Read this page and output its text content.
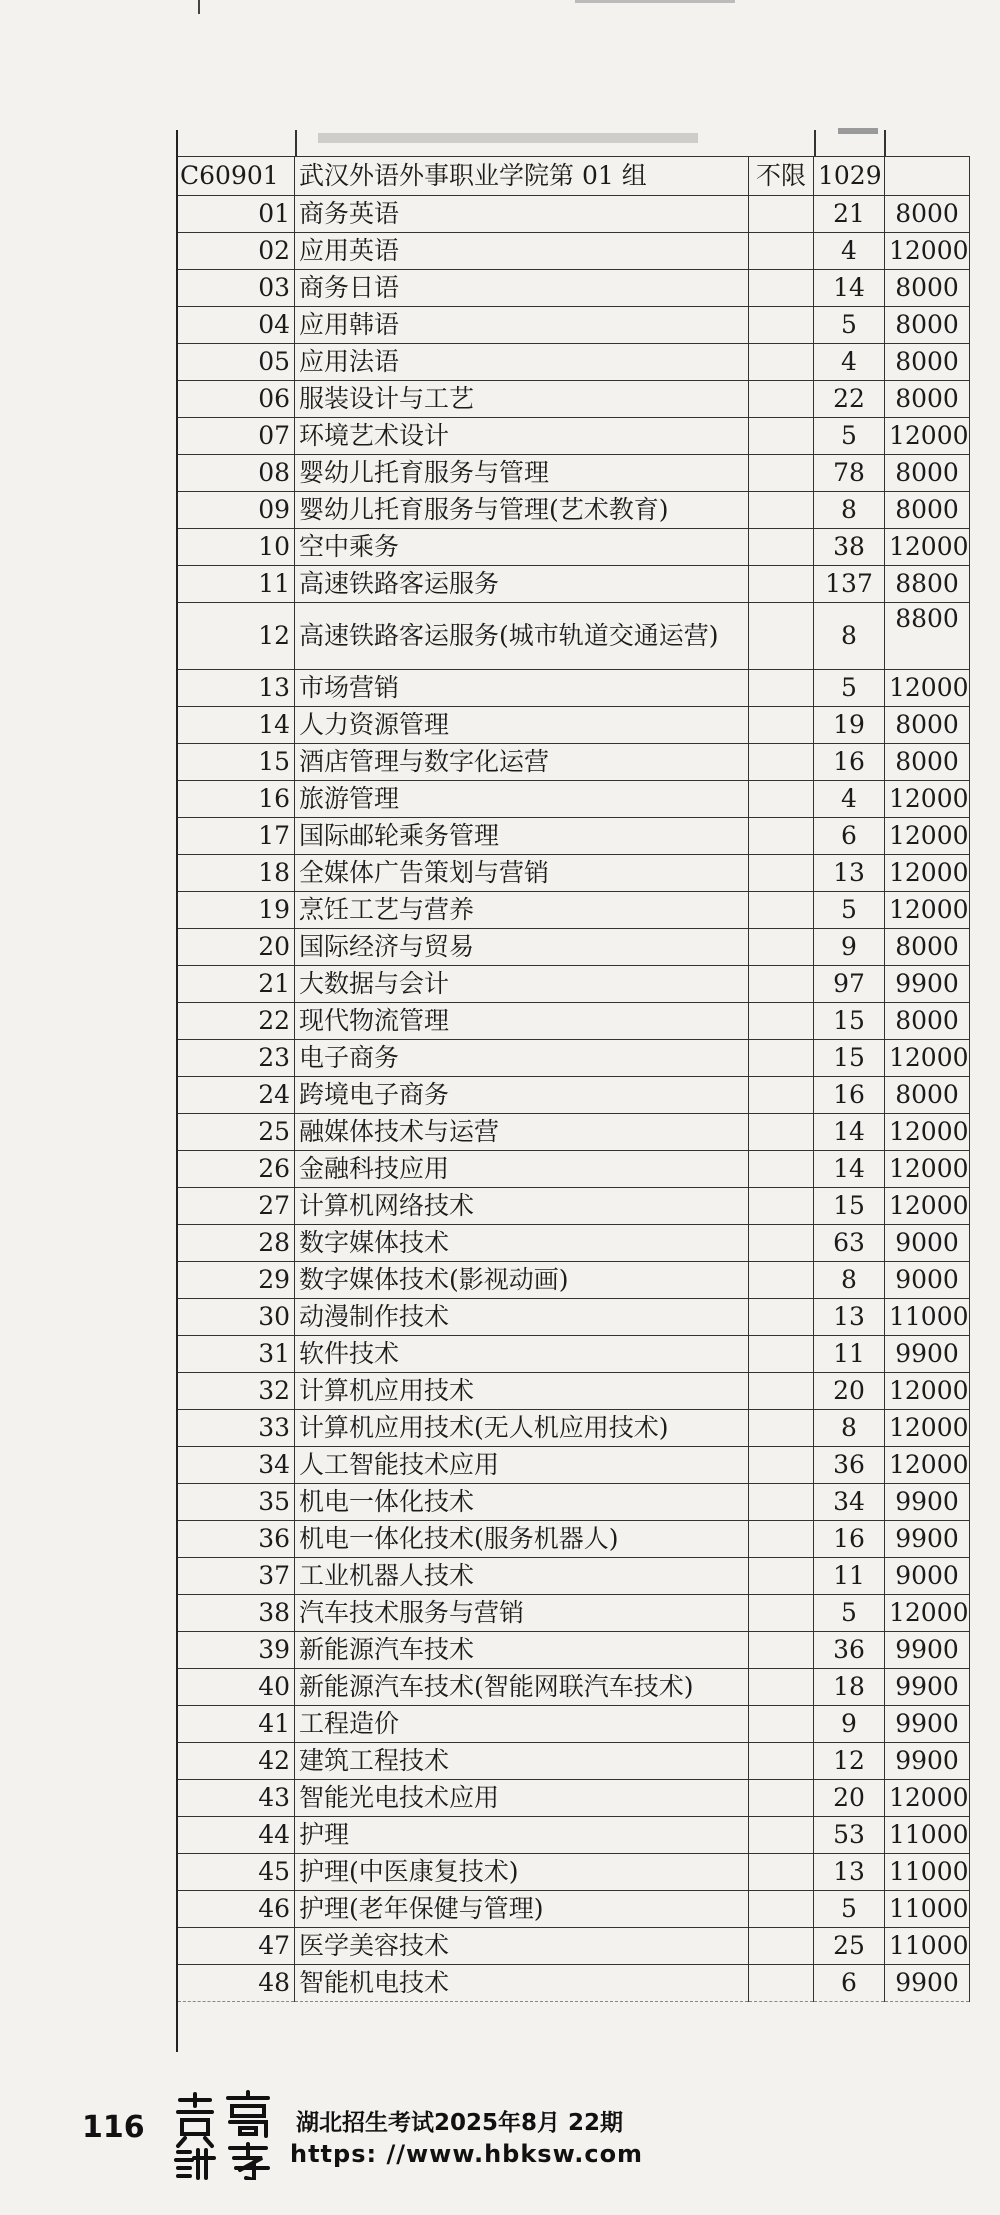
C60901	武汉外语外事职业学院第 01 组	不限	1029	
01	商务英语		21	8000
02	应用英语		4	12000
03	商务日语		14	8000
04	应用韩语		5	8000
05	应用法语		4	8000
06	服装设计与工艺		22	8000
07	环境艺术设计		5	12000
08	婴幼儿托育服务与管理		78	8000
09	婴幼儿托育服务与管理(艺术教育)		8	8000
10	空中乘务		38	12000
11	高速铁路客运服务		137	8800
12	高速铁路客运服务(城市轨道交通运营)		8	8800
13	市场营销		5	12000
14	人力资源管理		19	8000
15	酒店管理与数字化运营		16	8000
16	旅游管理		4	12000
17	国际邮轮乘务管理		6	12000
18	全媒体广告策划与营销		13	12000
19	烹饪工艺与营养		5	12000
20	国际经济与贸易		9	8000
21	大数据与会计		97	9900
22	现代物流管理		15	8000
23	电子商务		15	12000
24	跨境电子商务		16	8000
25	融媒体技术与运营		14	12000
26	金融科技应用		14	12000
27	计算机网络技术		15	12000
28	数字媒体技术		63	9000
29	数字媒体技术(影视动画)		8	9000
30	动漫制作技术		13	11000
31	软件技术		11	9900
32	计算机应用技术		20	12000
33	计算机应用技术(无人机应用技术)		8	12000
34	人工智能技术应用		36	12000
35	机电一体化技术		34	9900
36	机电一体化技术(服务机器人)		16	9900
37	工业机器人技术		11	9000
38	汽车技术服务与营销		5	12000
39	新能源汽车技术		36	9900
40	新能源汽车技术(智能网联汽车技术)		18	9900
41	工程造价		9	9900
42	建筑工程技术		12	9900
43	智能光电技术应用		20	12000
44	护理		53	11000
45	护理(中医康复技术)		13	11000
46	护理(老年保健与管理)		5	11000
47	医学美容技术		25	11000
48	智能机电技术		6	9900
116	湖北招生考试2025年8月 22期
https: //www.hbksw.com
